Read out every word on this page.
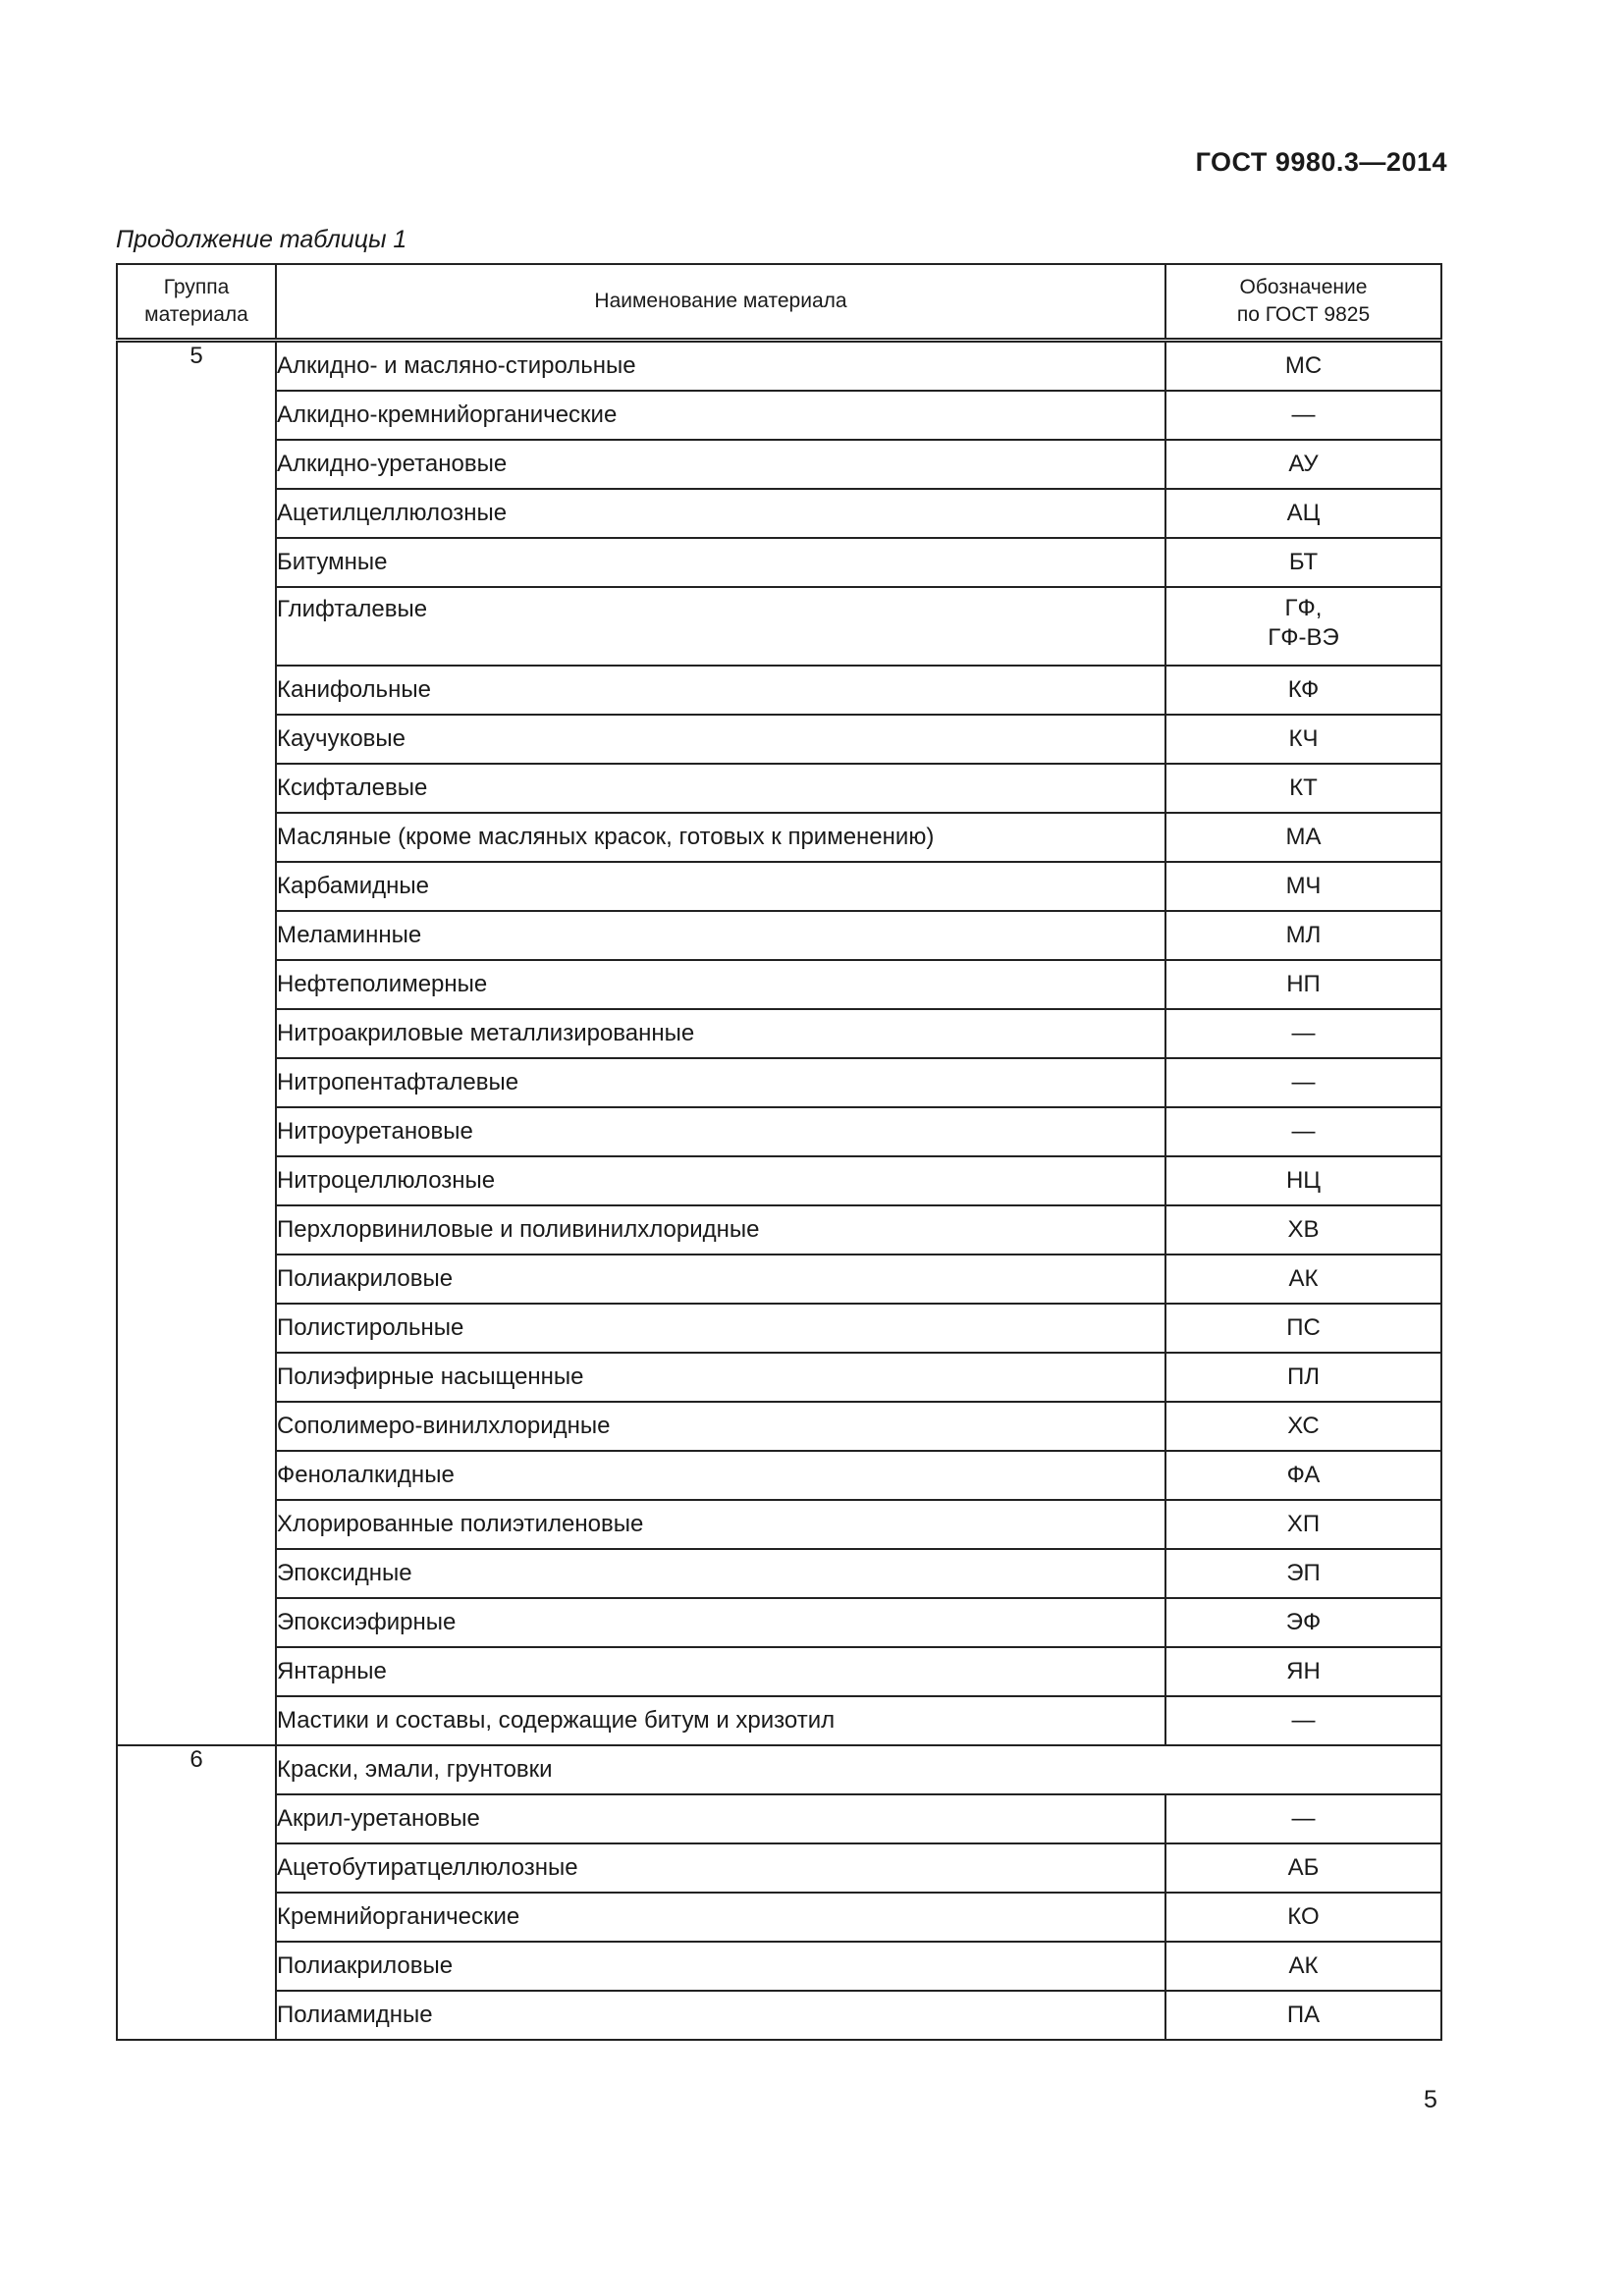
ГОСТ 9980.3—2014
Продолжение таблицы 1
Группа
материала	Наименование материала	Обозначение
по ГОСТ 9825

5	Алкидно- и масляно-стирольные	МС

	Алкидно-кремнийорганические	—

	Алкидно-уретановые	АУ

	Ацетилцеллюлозные	АЦ

	Битумные	БТ

	Глифталевые	ГФ,
ГФ-ВЭ

	Канифольные	КФ

	Каучуковые	КЧ

	Ксифталевые	КТ

	Масляные (кроме масляных красок, готовых к применению)	МА

	Карбамидные	МЧ

	Меламинные	МЛ

	Нефтеполимерные	НП

	Нитроакриловые металлизированные	—

	Нитропентафталевые	—

	Нитроуретановые	—

	Нитроцеллюлозные	НЦ

	Перхлорвиниловые и поливинилхлоридные	ХВ

	Полиакриловые	АК

	Полистирольные	ПС

	Полиэфирные насыщенные	ПЛ

	Сополимеро-винилхлоридные	ХС

	Фенолалкидные	ФА

	Хлорированные полиэтиленовые	ХП

	Эпоксидные	ЭП

	Эпоксиэфирные	ЭФ

	Янтарные	ЯН

	Мастики и составы, содержащие битум и хризотил	—

6	Краски, эмали, грунтовки	
	Акрил-уретановые	—

	Ацетобутиратцеллюлозные	АБ

	Кремнийорганические	КО

	Полиакриловые	АК

	Полиамидные	ПА
5
